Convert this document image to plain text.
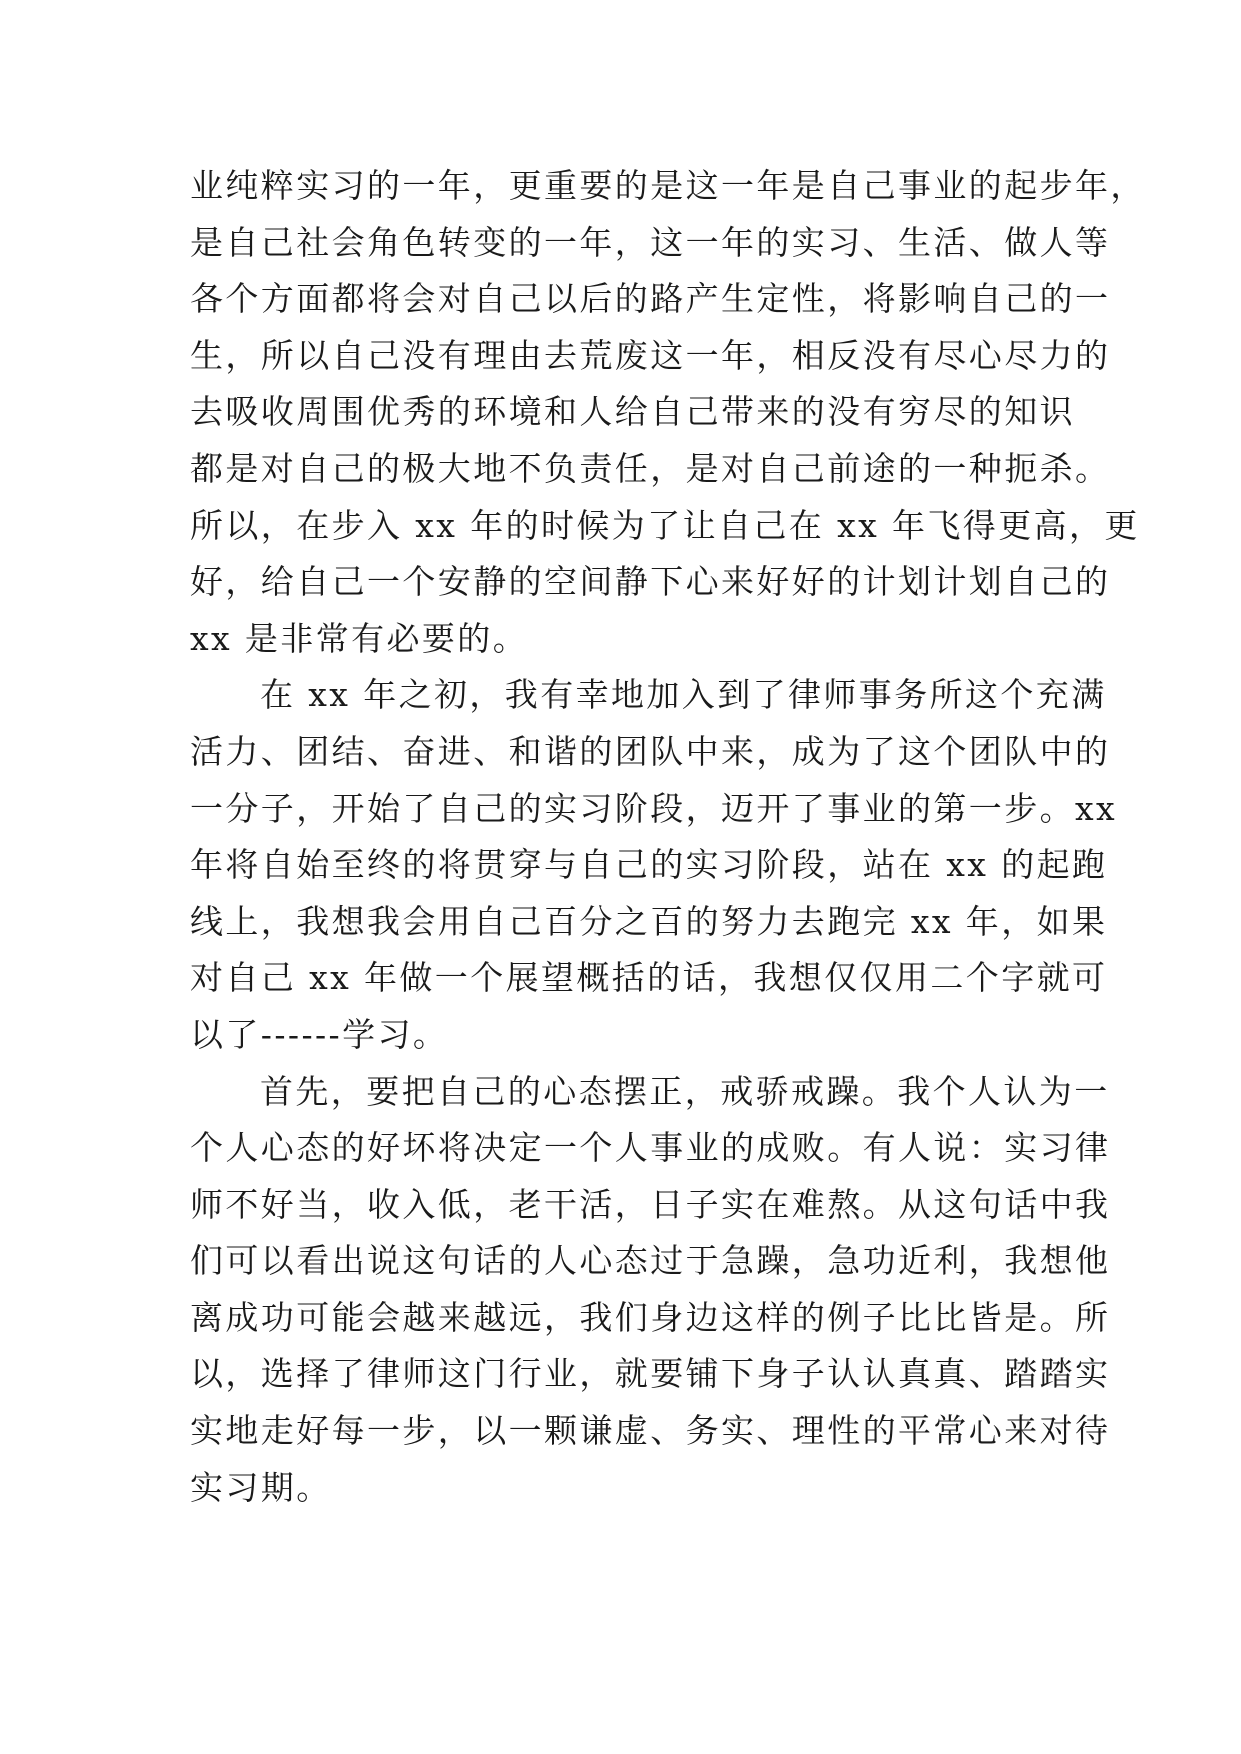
业纯粹实习的一年，更重要的是这一年是自己事业的起步年，
是自己社会角色转变的一年，这一年的实习、生活、做人等
各个方面都将会对自己以后的路产生定性，将影响自己的一
生，所以自己没有理由去荒废这一年，相反没有尽心尽力的
去吸收周围优秀的环境和人给自己带来的没有穷尽的知识
都是对自己的极大地不负责任，是对自己前途的一种扼杀。
所以，在步入 xx 年的时候为了让自己在 xx 年飞得更高，更
好，给自己一个安静的空间静下心来好好的计划计划自己的
xx 是非常有必要的。
在 xx 年之初，我有幸地加入到了律师事务所这个充满
活力、团结、奋进、和谐的团队中来，成为了这个团队中的
一分子，开始了自己的实习阶段，迈开了事业的第一步。xx
年将自始至终的将贯穿与自己的实习阶段，站在 xx 的起跑
线上，我想我会用自己百分之百的努力去跑完 xx 年，如果
对自己 xx 年做一个展望概括的话，我想仅仅用二个字就可
以了------学习。
首先，要把自己的心态摆正，戒骄戒躁。我个人认为一
个人心态的好坏将决定一个人事业的成败。有人说：实习律
师不好当，收入低，老干活，日子实在难熬。从这句话中我
们可以看出说这句话的人心态过于急躁，急功近利，我想他
离成功可能会越来越远，我们身边这样的例子比比皆是。所
以，选择了律师这门行业，就要铺下身子认认真真、踏踏实
实地走好每一步，以一颗谦虚、务实、理性的平常心来对待
实习期。
